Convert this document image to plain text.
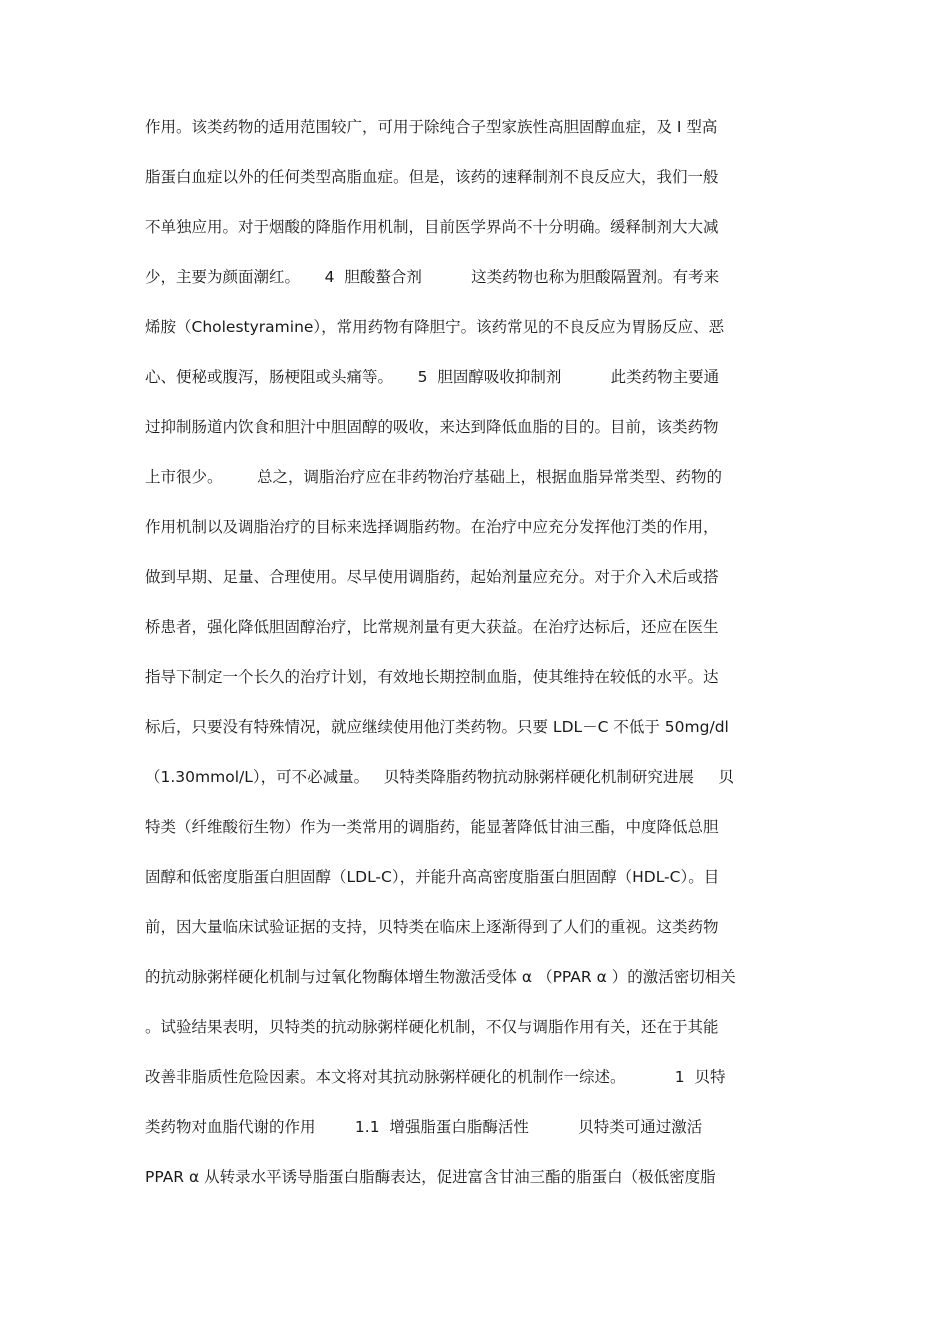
作用。该类药物的适用范围较广，可用于除纯合子型家族性高胆固醇血症，及 I 型高
脂蛋白血症以外的任何类型高脂血症。但是，该药的速释制剂不良反应大，我们一般
不单独应用。对于烟酸的降脂作用机制，目前医学界尚不十分明确。缓释制剂大大减
少，主要为颜面潮红。     4  胆酸螯合剂          这类药物也称为胆酸隔置剂。有考来
烯胺（Cholestyramine），常用药物有降胆宁。该药常见的不良反应为胃肠反应、恶
心、便秘或腹泻，肠梗阻或头痛等。     5  胆固醇吸收抑制剂          此类药物主要通
过抑制肠道内饮食和胆汁中胆固醇的吸收，来达到降低血脂的目的。目前，该类药物
上市很少。       总之，调脂治疗应在非药物治疗基础上，根据血脂异常类型、药物的
作用机制以及调脂治疗的目标来选择调脂药物。在治疗中应充分发挥他汀类的作用，
做到早期、足量、合理使用。尽早使用调脂药，起始剂量应充分。对于介入术后或搭
桥患者，强化降低胆固醇治疗，比常规剂量有更大获益。在治疗达标后，还应在医生
指导下制定一个长久的治疗计划，有效地长期控制血脂，使其维持在较低的水平。达
标后，只要没有特殊情况，就应继续使用他汀类药物。只要 LDL－C 不低于 50mg/dl
（1.30mmol/L），可不必减量。   贝特类降脂药物抗动脉粥样硬化机制研究进展     贝
特类（纤维酸衍生物）作为一类常用的调脂药，能显著降低甘油三酯，中度降低总胆
固醇和低密度脂蛋白胆固醇（LDL-C），并能升高高密度脂蛋白胆固醇（HDL-C）。目
前，因大量临床试验证据的支持，贝特类在临床上逐渐得到了人们的重视。这类药物
的抗动脉粥样硬化机制与过氧化物酶体增生物激活受体 α （PPAR α ）的激活密切相关
。试验结果表明，贝特类的抗动脉粥样硬化机制，不仅与调脂作用有关，还在于其能
改善非脂质性危险因素。本文将对其抗动脉粥样硬化的机制作一综述。          1  贝特
类药物对血脂代谢的作用        1.1  增强脂蛋白脂酶活性          贝特类可通过激活
PPAR α 从转录水平诱导脂蛋白脂酶表达，促进富含甘油三酯的脂蛋白（极低密度脂
